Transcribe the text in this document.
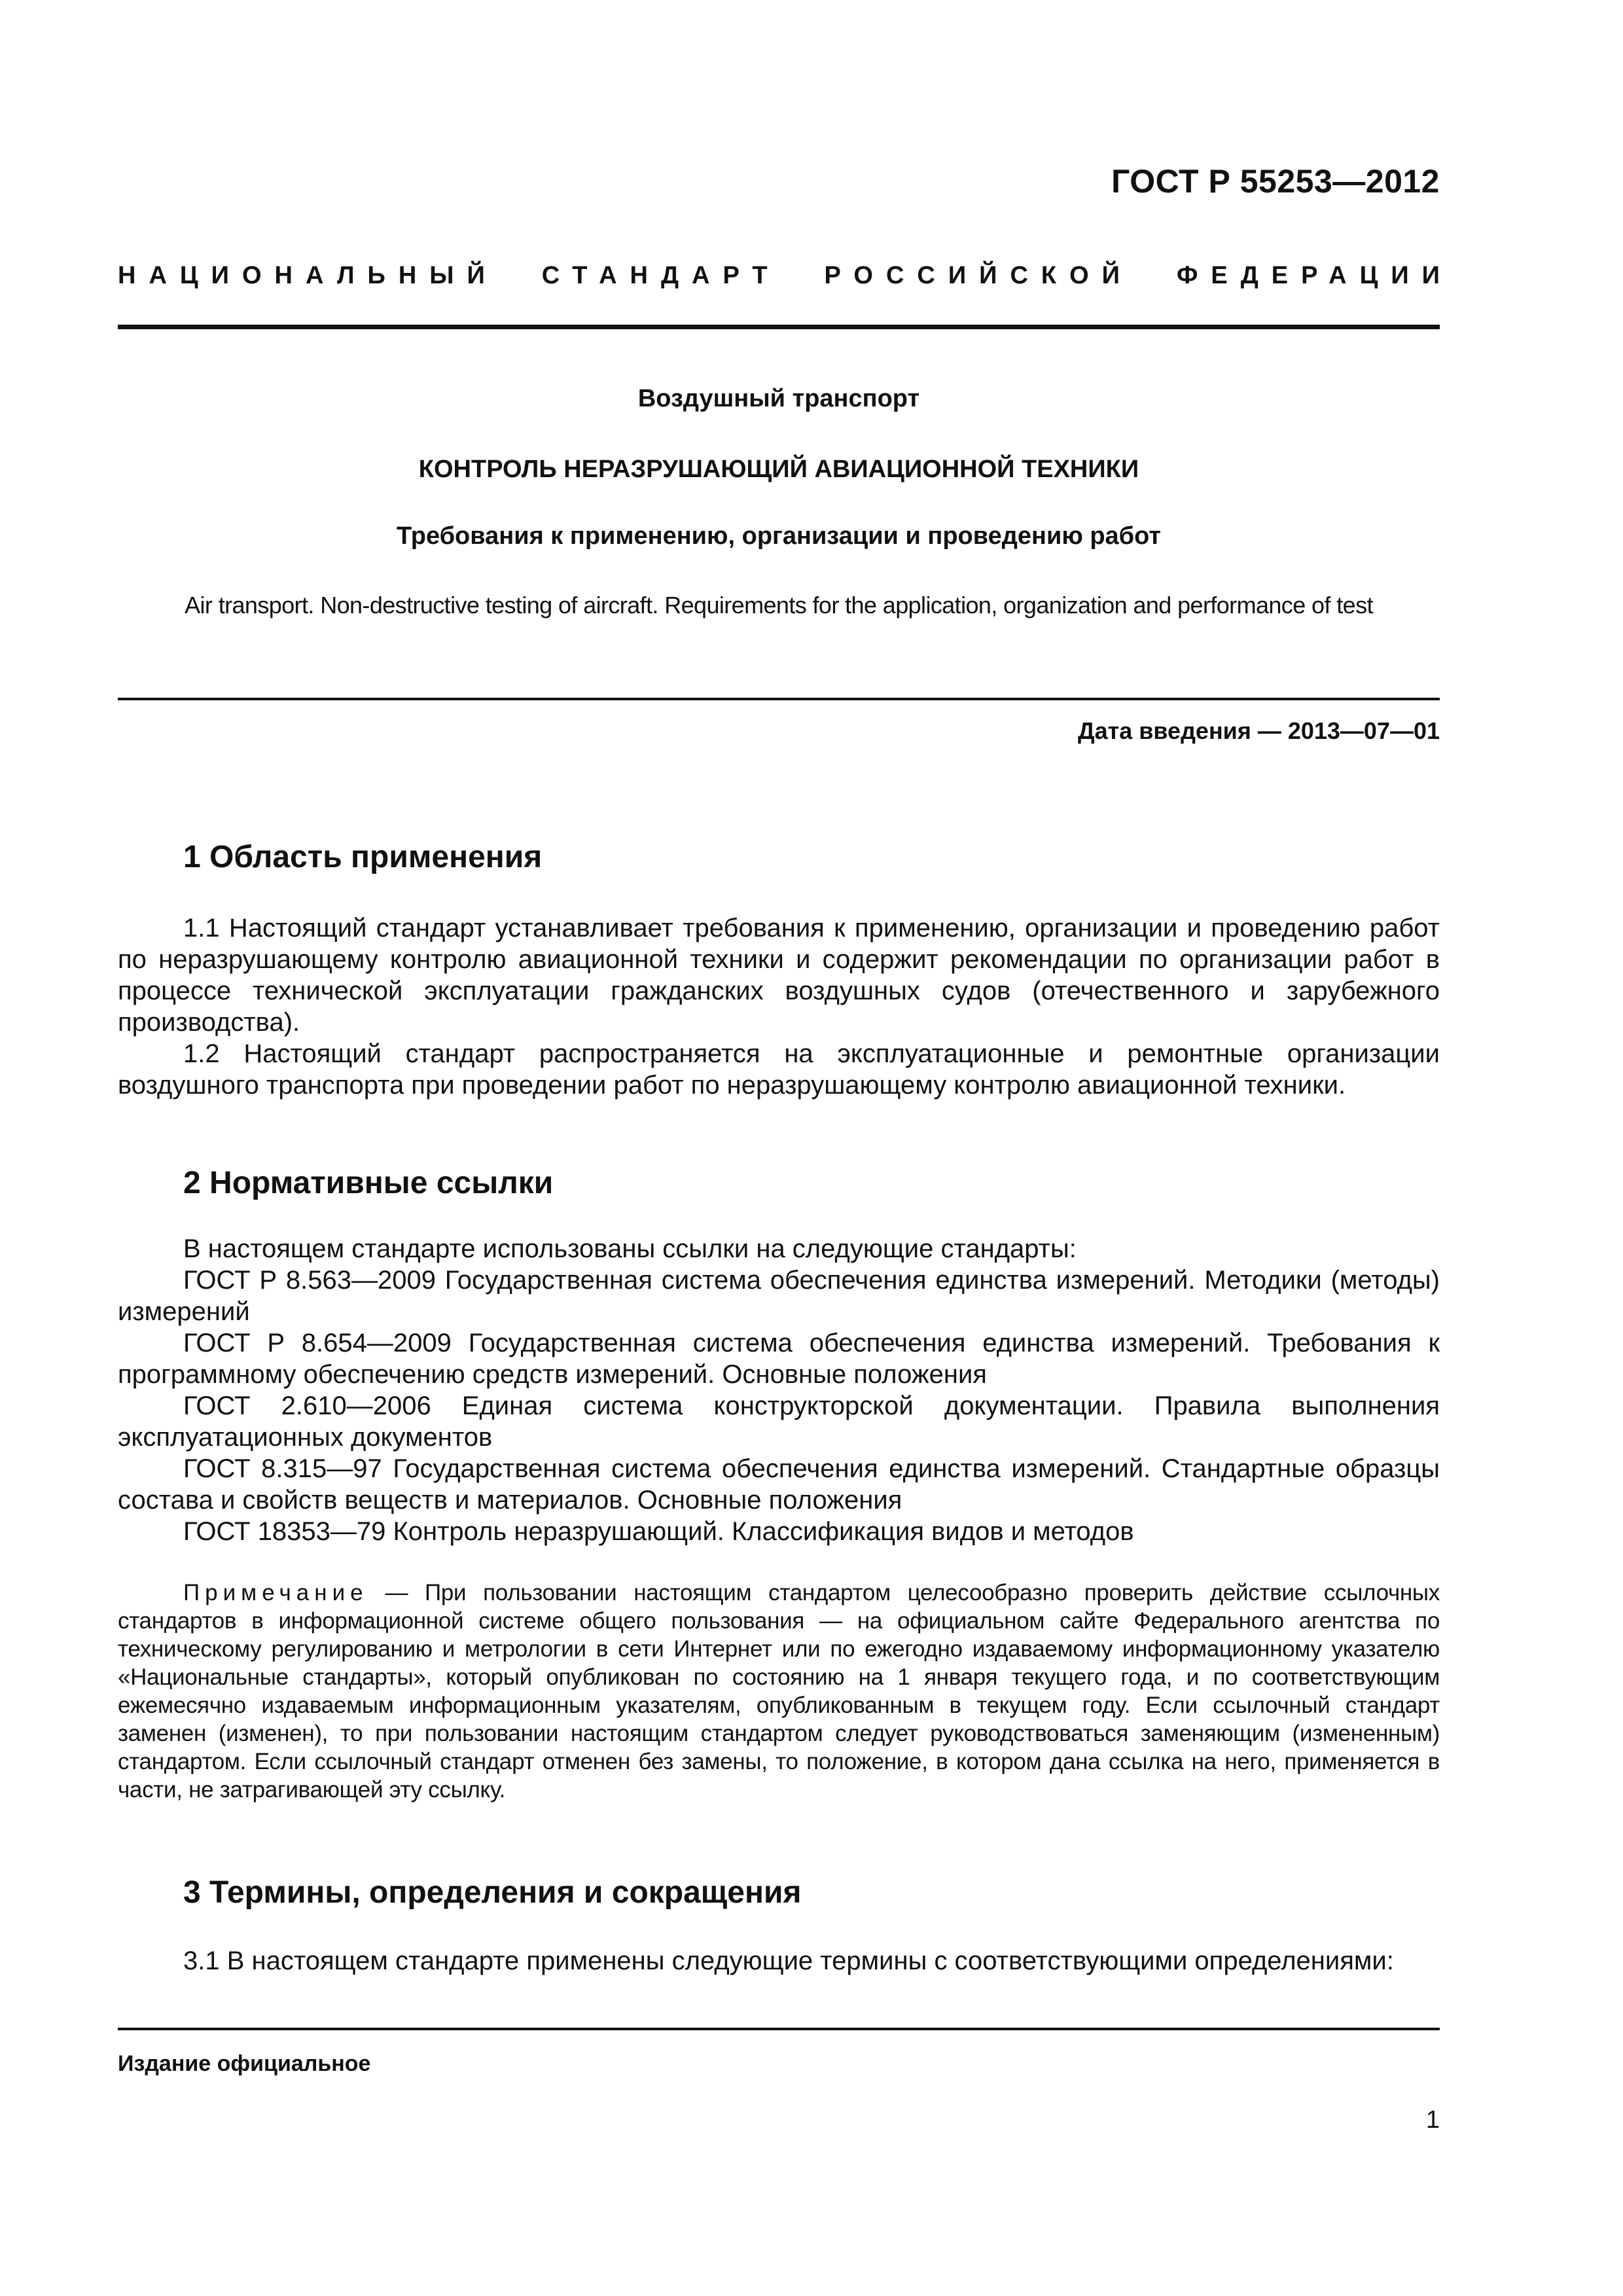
ГОСТ Р 55253—2012
НАЦИОНАЛЬНЫЙ СТАНДАРТ РОССИЙСКОЙ ФЕДЕРАЦИИ
Воздушный транспорт
КОНТРОЛЬ НЕРАЗРУШАЮЩИЙ АВИАЦИОННОЙ ТЕХНИКИ
Требования к применению, организации и проведению работ
Air transport. Non-destructive testing of aircraft. Requirements for the application, organization and performance of test
Дата введения — 2013—07—01
1 Область применения
1.1 Настоящий стандарт устанавливает требования к применению, организации и проведению работ по неразрушающему контролю авиационной техники и содержит рекомендации по организации работ в процессе технической эксплуатации гражданских воздушных судов (отечественного и зарубежного производства).
1.2 Настоящий стандарт распространяется на эксплуатационные и ремонтные организации воздушного транспорта при проведении работ по неразрушающему контролю авиационной техники.
2 Нормативные ссылки
В настоящем стандарте использованы ссылки на следующие стандарты:
ГОСТ Р 8.563—2009 Государственная система обеспечения единства измерений. Методики (методы) измерений
ГОСТ Р 8.654—2009 Государственная система обеспечения единства измерений. Требования к программному обеспечению средств измерений. Основные положения
ГОСТ 2.610—2006 Единая система конструкторской документации. Правила выполнения эксплуатационных документов
ГОСТ 8.315—97 Государственная система обеспечения единства измерений. Стандартные образцы состава и свойств веществ и материалов. Основные положения
ГОСТ 18353—79 Контроль неразрушающий. Классификация видов и методов
Примечание — При пользовании настоящим стандартом целесообразно проверить действие ссылочных стандартов в информационной системе общего пользования — на официальном сайте Федерального агентства по техническому регулированию и метрологии в сети Интернет или по ежегодно издаваемому информационному указателю «Национальные стандарты», который опубликован по состоянию на 1 января текущего года, и по соответствующим ежемесячно издаваемым информационным указателям, опубликованным в текущем году. Если ссылочный стандарт заменен (изменен), то при пользовании настоящим стандартом следует руководствоваться заменяющим (измененным) стандартом. Если ссылочный стандарт отменен без замены, то положение, в котором дана ссылка на него, применяется в части, не затрагивающей эту ссылку.
3 Термины, определения и сокращения
3.1 В настоящем стандарте применены следующие термины с соответствующими определениями:
Издание официальное
1
